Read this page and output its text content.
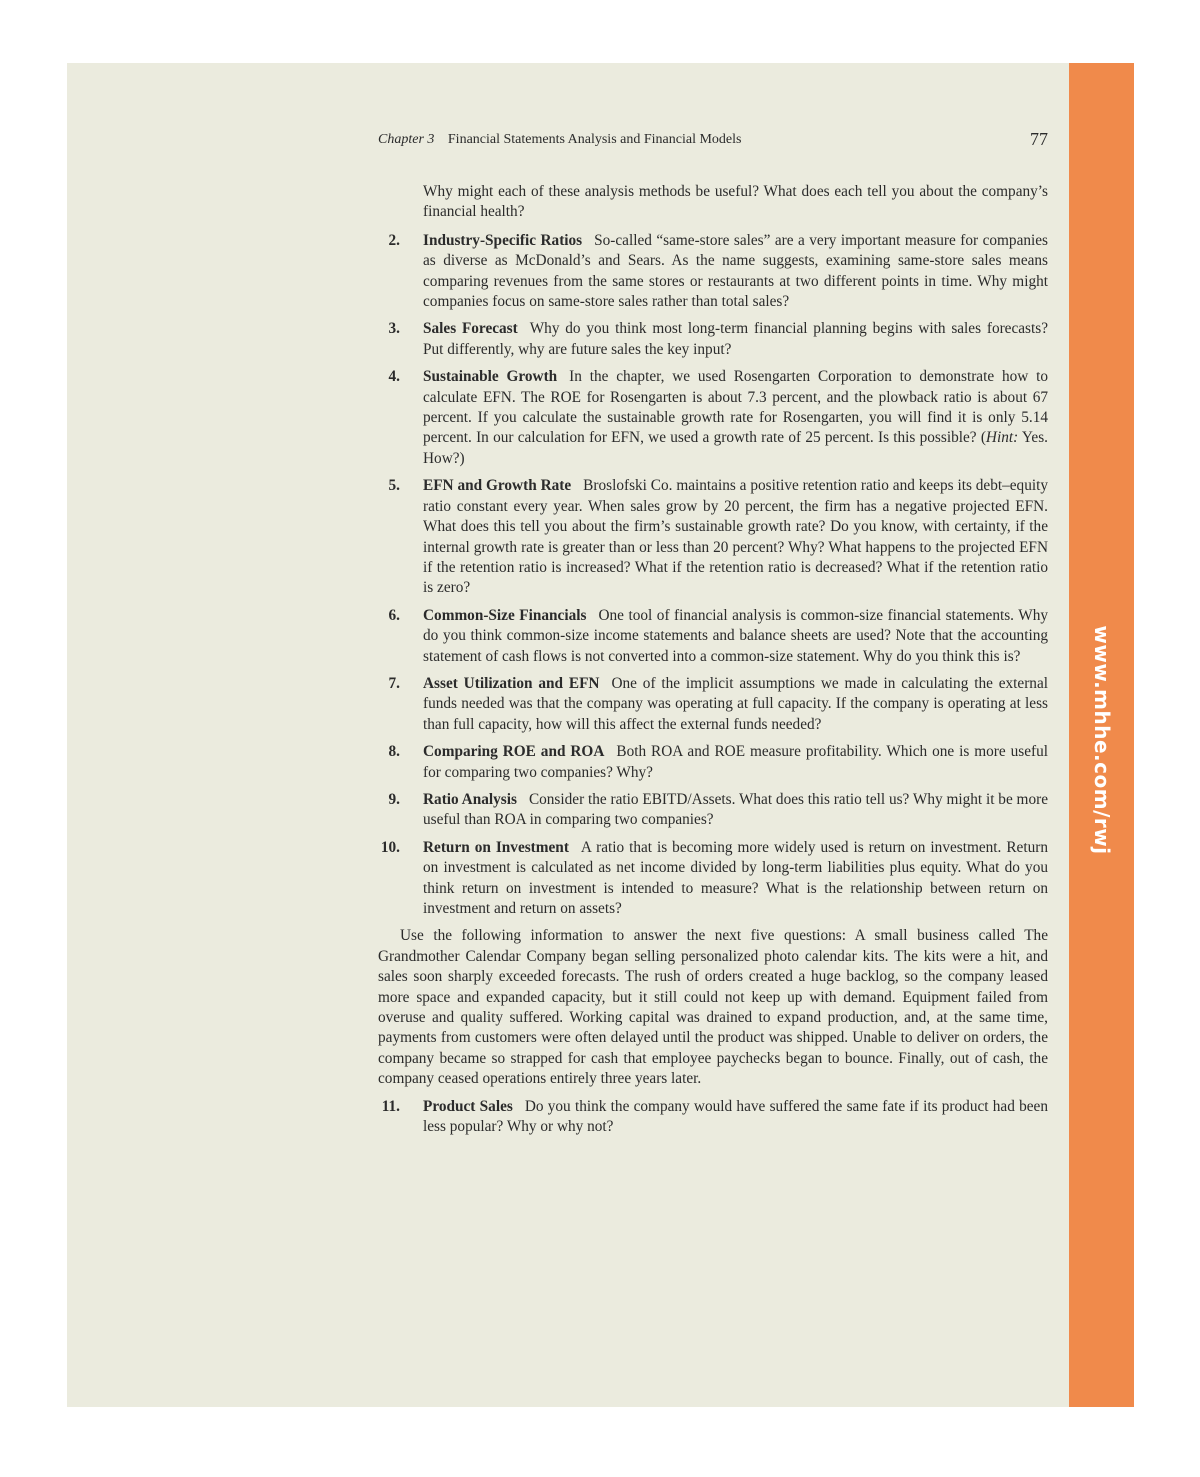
www.mhhe.com/rwj
Chapter 3 Financial Statements Analysis and Financial Models	77
Why might each of these analysis methods be useful? What does each tell you about the company’s financial health?
2. Industry-Specific Ratios So-called “same-store sales” are a very important measure for companies as diverse as McDonald’s and Sears. As the name suggests, examining same-store sales means comparing revenues from the same stores or restaurants at two different points in time. Why might companies focus on same-store sales rather than total sales?
3. Sales Forecast Why do you think most long-term financial planning begins with sales forecasts? Put differently, why are future sales the key input?
4. Sustainable Growth In the chapter, we used Rosengarten Corporation to demonstrate how to calculate EFN. The ROE for Rosengarten is about 7.3 percent, and the plowback ratio is about 67 percent. If you calculate the sustainable growth rate for Rosengarten, you will find it is only 5.14 percent. In our calculation for EFN, we used a growth rate of 25 percent. Is this possible? (Hint: Yes. How?)
5. EFN and Growth Rate Broslofski Co. maintains a positive retention ratio and keeps its debt–equity ratio constant every year. When sales grow by 20 percent, the firm has a negative projected EFN. What does this tell you about the firm’s sustainable growth rate? Do you know, with certainty, if the internal growth rate is greater than or less than 20 percent? Why? What happens to the projected EFN if the retention ratio is increased? What if the retention ratio is decreased? What if the retention ratio is zero?
6. Common-Size Financials One tool of financial analysis is common-size financial statements. Why do you think common-size income statements and balance sheets are used? Note that the accounting statement of cash flows is not converted into a common-size statement. Why do you think this is?
7. Asset Utilization and EFN One of the implicit assumptions we made in calculating the external funds needed was that the company was operating at full capacity. If the company is operating at less than full capacity, how will this affect the external funds needed?
8. Comparing ROE and ROA Both ROA and ROE measure profitability. Which one is more useful for comparing two companies? Why?
9. Ratio Analysis Consider the ratio EBITD/Assets. What does this ratio tell us? Why might it be more useful than ROA in comparing two companies?
10. Return on Investment A ratio that is becoming more widely used is return on investment. Return on investment is calculated as net income divided by long-term liabilities plus equity. What do you think return on investment is intended to measure? What is the relationship between return on investment and return on assets?
Use the following information to answer the next five questions: A small business called The Grandmother Calendar Company began selling personalized photo calendar kits. The kits were a hit, and sales soon sharply exceeded forecasts. The rush of orders created a huge backlog, so the company leased more space and expanded capacity, but it still could not keep up with demand. Equipment failed from overuse and quality suffered. Working capital was drained to expand production, and, at the same time, payments from customers were often delayed until the product was shipped. Unable to deliver on orders, the company became so strapped for cash that employee paychecks began to bounce. Finally, out of cash, the company ceased operations entirely three years later.
11. Product Sales Do you think the company would have suffered the same fate if its product had been less popular? Why or why not?
